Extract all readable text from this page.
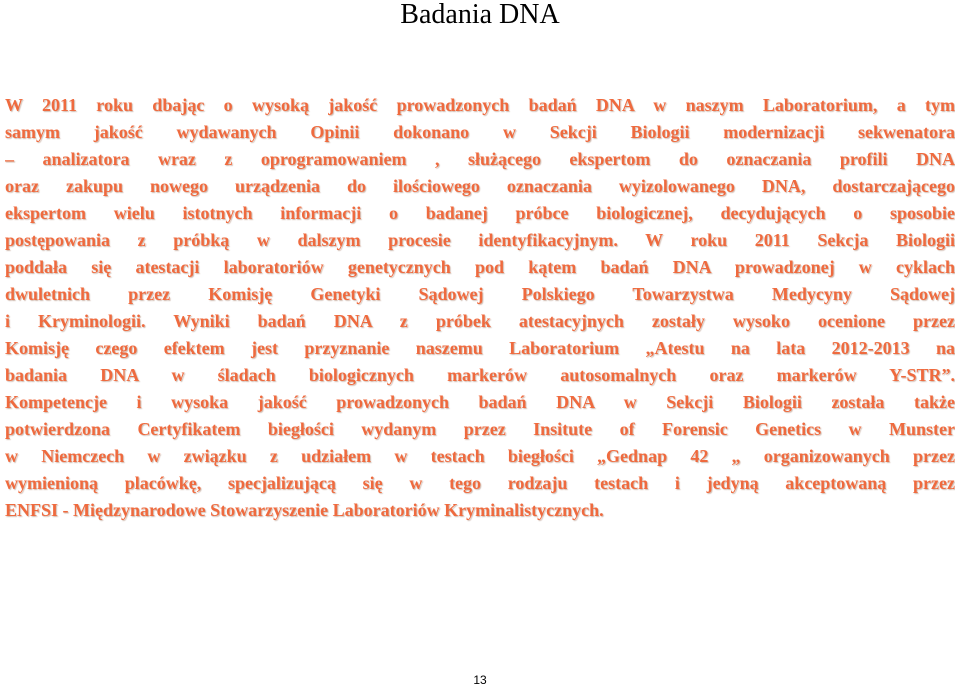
Badania DNA
W 2011 roku dbając o wysoką jakość prowadzonych badań DNA w naszym Laboratorium, a tym
samym jakość wydawanych Opinii dokonano w Sekcji Biologii modernizacji sekwenatora
– analizatora wraz z oprogramowaniem , służącego ekspertom do oznaczania profili DNA
oraz zakupu nowego urządzenia do ilościowego oznaczania wyizolowanego DNA, dostarczającego
ekspertom wielu istotnych informacji o badanej próbce biologicznej, decydujących o sposobie
postępowania z próbką w dalszym procesie identyfikacyjnym. W roku 2011 Sekcja Biologii
poddała się atestacji laboratoriów genetycznych pod kątem badań DNA prowadzonej w cyklach
dwuletnich przez Komisję Genetyki Sądowej Polskiego Towarzystwa Medycyny Sądowej
i Kryminologii. Wyniki badań DNA z próbek atestacyjnych zostały wysoko ocenione przez
Komisję czego efektem jest przyznanie naszemu Laboratorium „Atestu na lata 2012-2013 na
badania DNA w śladach biologicznych markerów autosomalnych oraz markerów Y-STR”.
Kompetencje i wysoka jakość prowadzonych badań DNA w Sekcji Biologii została także
potwierdzona Certyfikatem biegłości wydanym przez Insitute of Forensic Genetics w Munster
w Niemczech w związku z udziałem w testach biegłości „Gednap 42 „ organizowanych przez
wymienioną placówkę, specjalizującą się w tego rodzaju testach i jedyną akceptowaną przez
ENFSI - Międzynarodowe Stowarzyszenie Laboratoriów Kryminalistycznych.
13
